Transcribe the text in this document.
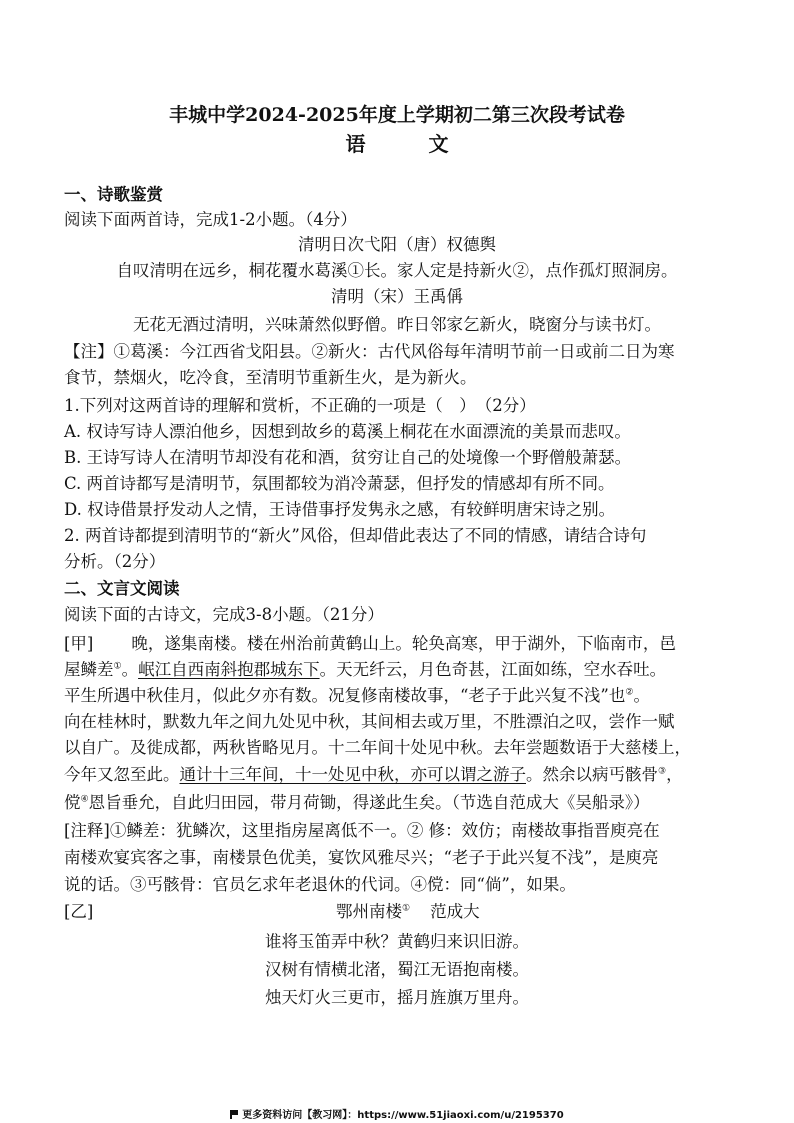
丰城中学2024-2025年度上学期初二第三次段考试卷
语 文
一、诗歌鉴赏
阅读下面两首诗，完成1-2小题。（4分）
清明日次弋阳（唐）权德舆
自叹清明在远乡，桐花覆水葛溪①长。家人定是持新火②，点作孤灯照洞房。
清明（宋）王禹偁
无花无酒过清明，兴味萧然似野僧。昨日邻家乞新火，晓窗分与读书灯。
【注】①葛溪：今江西省戈阳县。②新火：古代风俗每年清明节前一日或前二日为寒
食节，禁烟火，吃冷食，至清明节重新生火，是为新火。
1.下列对这两首诗的理解和赏析，不正确的一项是（　）　（2分）
A. 权诗写诗人漂泊他乡，因想到故乡的葛溪上桐花在水面漂流的美景而悲叹。
B. 王诗写诗人在清明节却没有花和酒，贫穷让自己的处境像一个野僧般萧瑟。
C. 两首诗都写是清明节，氛围都较为消冷萧瑟，但抒发的情感却有所不同。
D. 权诗借景抒发动人之情，王诗借事抒发隽永之感，有较鲜明唐宋诗之别。
2. 两首诗都提到清明节的“新火”风俗，但却借此表达了不同的情感，请结合诗句
分析。（2分）
二、文言文阅读
阅读下面的古诗文，完成3-8小题。（21分）
[甲] 晚，遂集南楼。楼在州治前黄鹤山上。轮奂高寒，甲于湖外，下临南市，邑
屋鳞差①。岷江自西南斜抱郡城东下。天无纤云，月色奇甚，江面如练，空水吞吐。
平生所遇中秋佳月，似此夕亦有数。况复修南楼故事，“老子于此兴复不浅”也②。
向在桂林时，默数九年之间九处见中秋，其间相去或万里，不胜漂泊之叹，尝作一赋
以自广。及徙成都，两秋皆略见月。十二年间十处见中秋。去年尝题数语于大慈楼上，
今年又忽至此。通计十三年间，十一处见中秋，亦可以谓之游子。然余以病丐骸骨③，
傥④恩旨垂允，自此归田园，带月荷锄，得遂此生矣。（节选自范成大《吴船录》）
[注释]①鳞差：犹鳞次，这里指房屋离低不一。② 修：效仿；南楼故事指晋庾亮在
南楼欢宴宾客之事，南楼景色优美，宴饮风雅尽兴；“老子于此兴复不浅”，是庾亮
说的话。③丐骸骨：官员乞求年老退休的代词。④傥：同“倘”，如果。
[乙]	鄂州南楼① 范成大
谁将玉笛弄中秋？黄鹤归来识旧游。
汉树有情横北渚，蜀江无语抱南楼。
烛天灯火三更市，摇月旌旗万里舟。
更多资料访问【教习网】：https://www.51jiaoxi.com/u/2195370
